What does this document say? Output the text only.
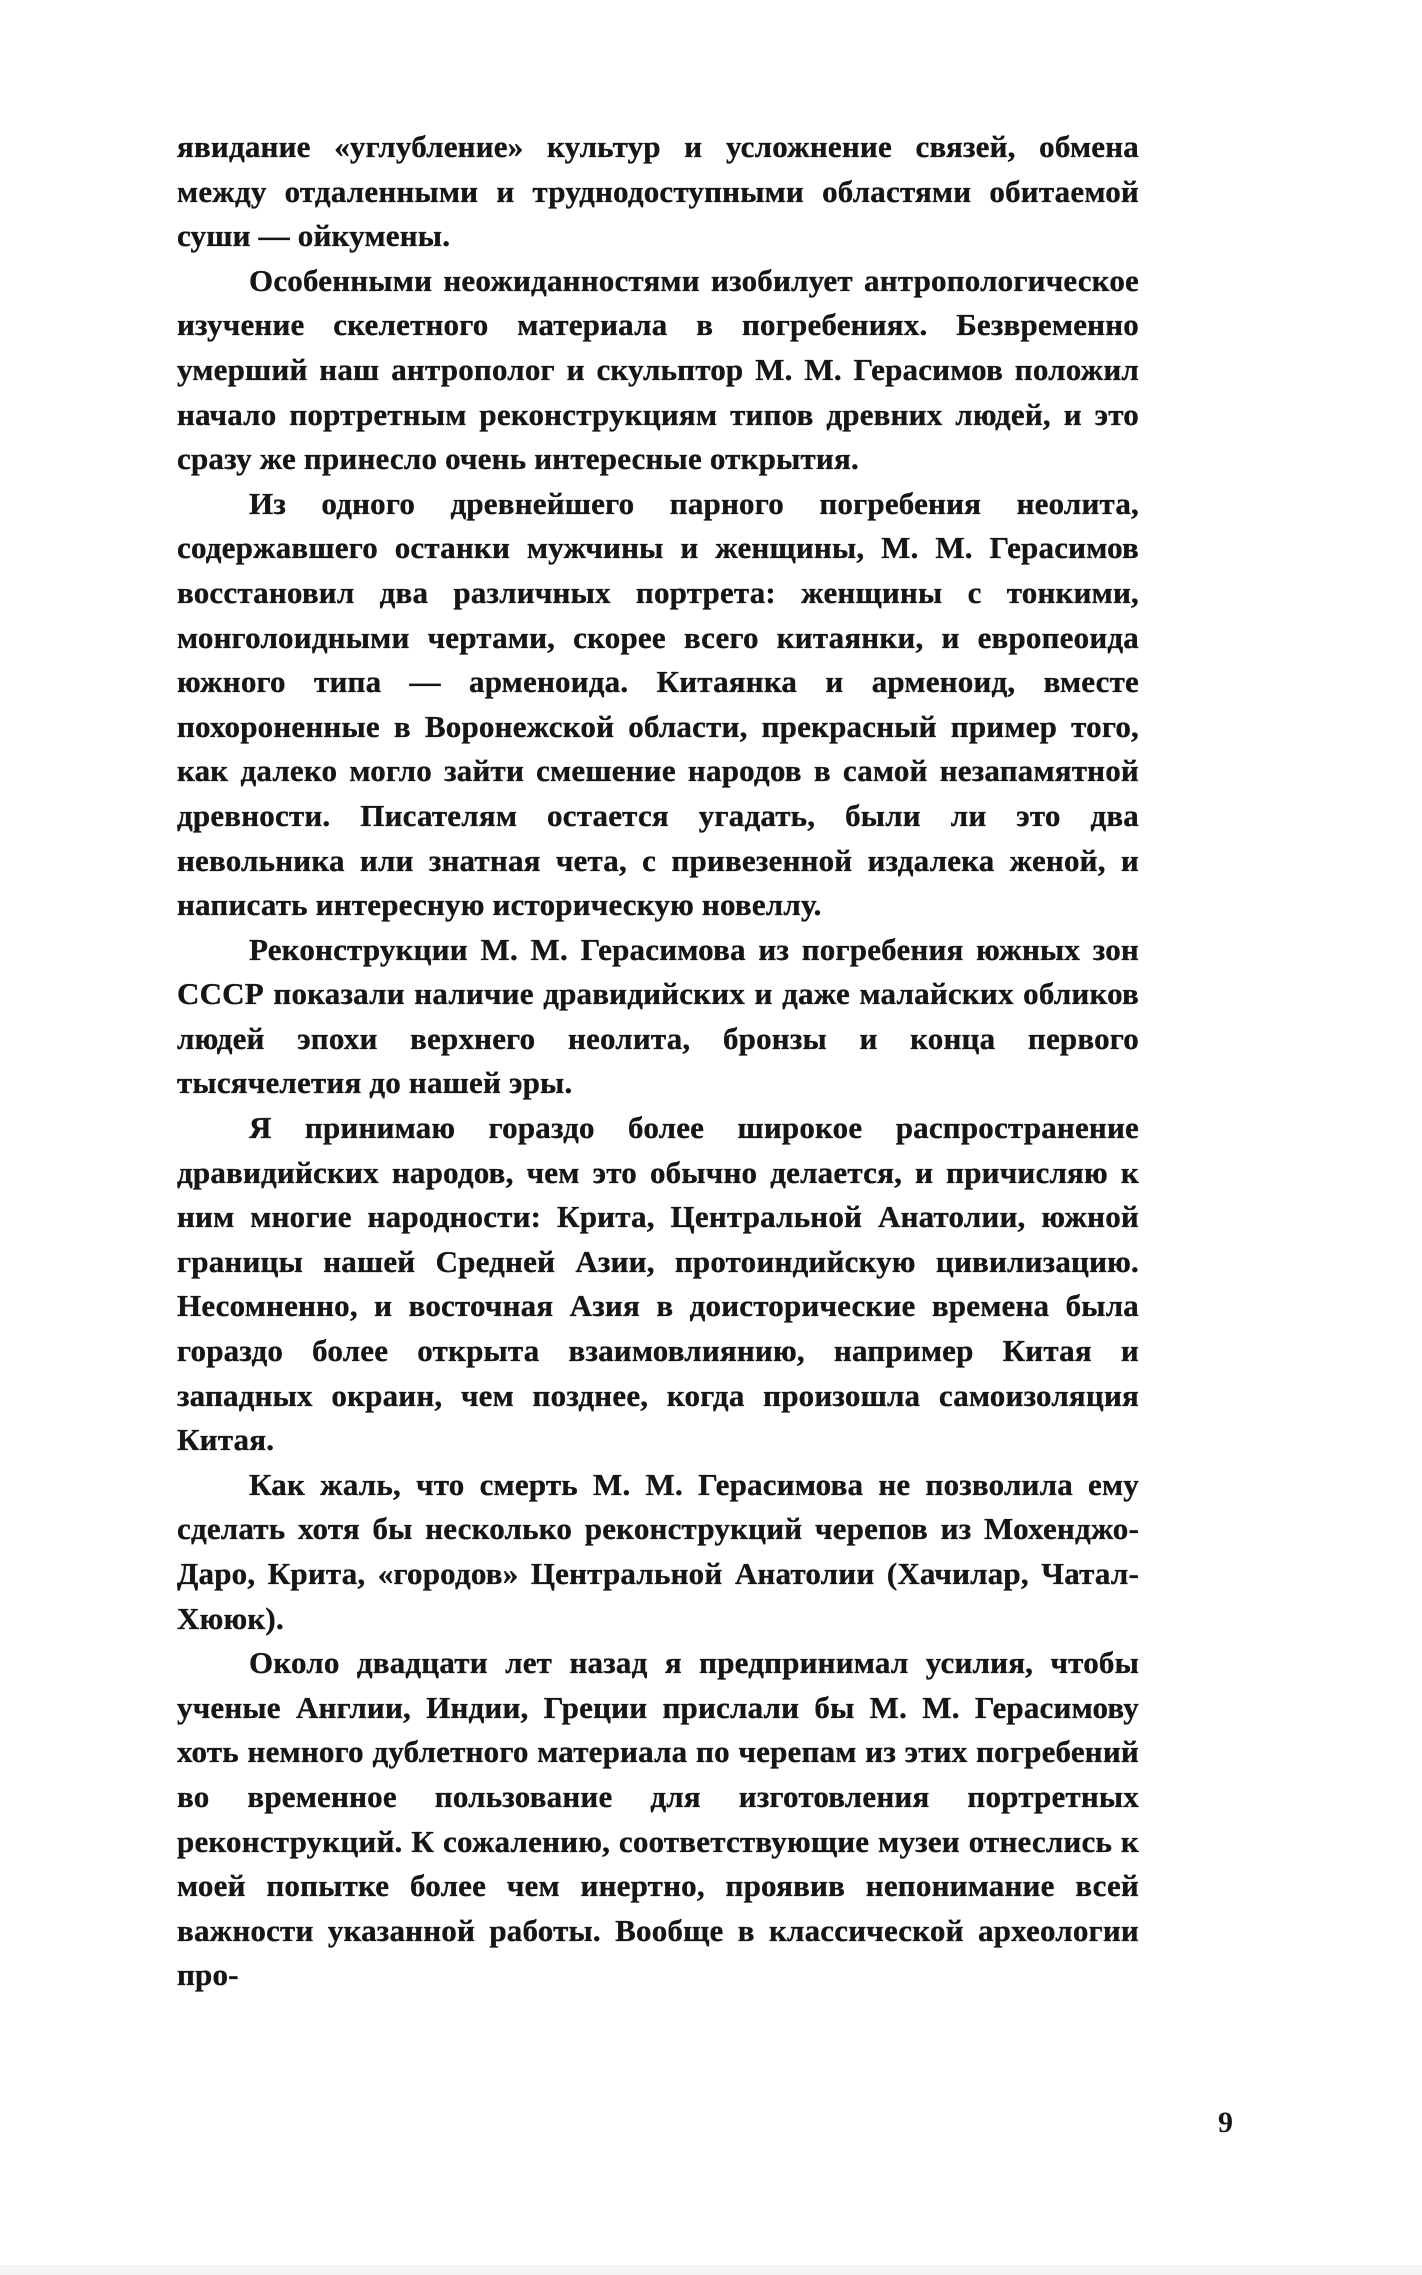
явидание «углубление» культур и усложнение связей, обмена между отдаленными и труднодоступными областями обитаемой суши — ойкумены.

Особенными неожиданностями изобилует антропологическое изучение скелетного материала в погребениях. Безвременно умерший наш антрополог и скульптор М. М. Герасимов положил начало портретным реконструкциям типов древних людей, и это сразу же принесло очень интересные открытия.

Из одного древнейшего парного погребения неолита, содержавшего останки мужчины и женщины, М. М. Герасимов восстановил два различных портрета: женщины с тонкими, монголоидными чертами, скорее всего китаянки, и европеоида южного типа — арменоида. Китаянка и арменоид, вместе похороненные в Воронежской области, прекрасный пример того, как далеко могло зайти смешение народов в самой незапамятной древности. Писателям остается угадать, были ли это два невольника или знатная чета, с привезенной издалека женой, и написать интересную историческую новеллу.

Реконструкции М. М. Герасимова из погребения южных зон СССР показали наличие дравидийских и даже малайских обликов людей эпохи верхнего неолита, бронзы и конца первого тысячелетия до нашей эры.

Я принимаю гораздо более широкое распространение дравидийских народов, чем это обычно делается, и причисляю к ним многие народности: Крита, Центральной Анатолии, южной границы нашей Средней Азии, протоиндийскую цивилизацию. Несомненно, и восточная Азия в доисторические времена была гораздо более открыта взаимовлиянию, например Китая и западных окраин, чем позднее, когда произошла самоизоляция Китая.

Как жаль, что смерть М. М. Герасимова не позволила ему сделать хотя бы несколько реконструкций черепов из Мохенджо-Даро, Крита, «городов» Центральной Анатолии (Хачилар, Чатал-Хююк).

Около двадцати лет назад я предпринимал усилия, чтобы ученые Англии, Индии, Греции прислали бы М. М. Герасимову хоть немного дублетного материала по черепам из этих погребений во временное пользование для изготовления портретных реконструкций. К сожалению, соответствующие музеи отнеслись к моей попытке более чем инертно, проявив непонимание всей важности указанной работы. Вообще в классической археологии про-

9
